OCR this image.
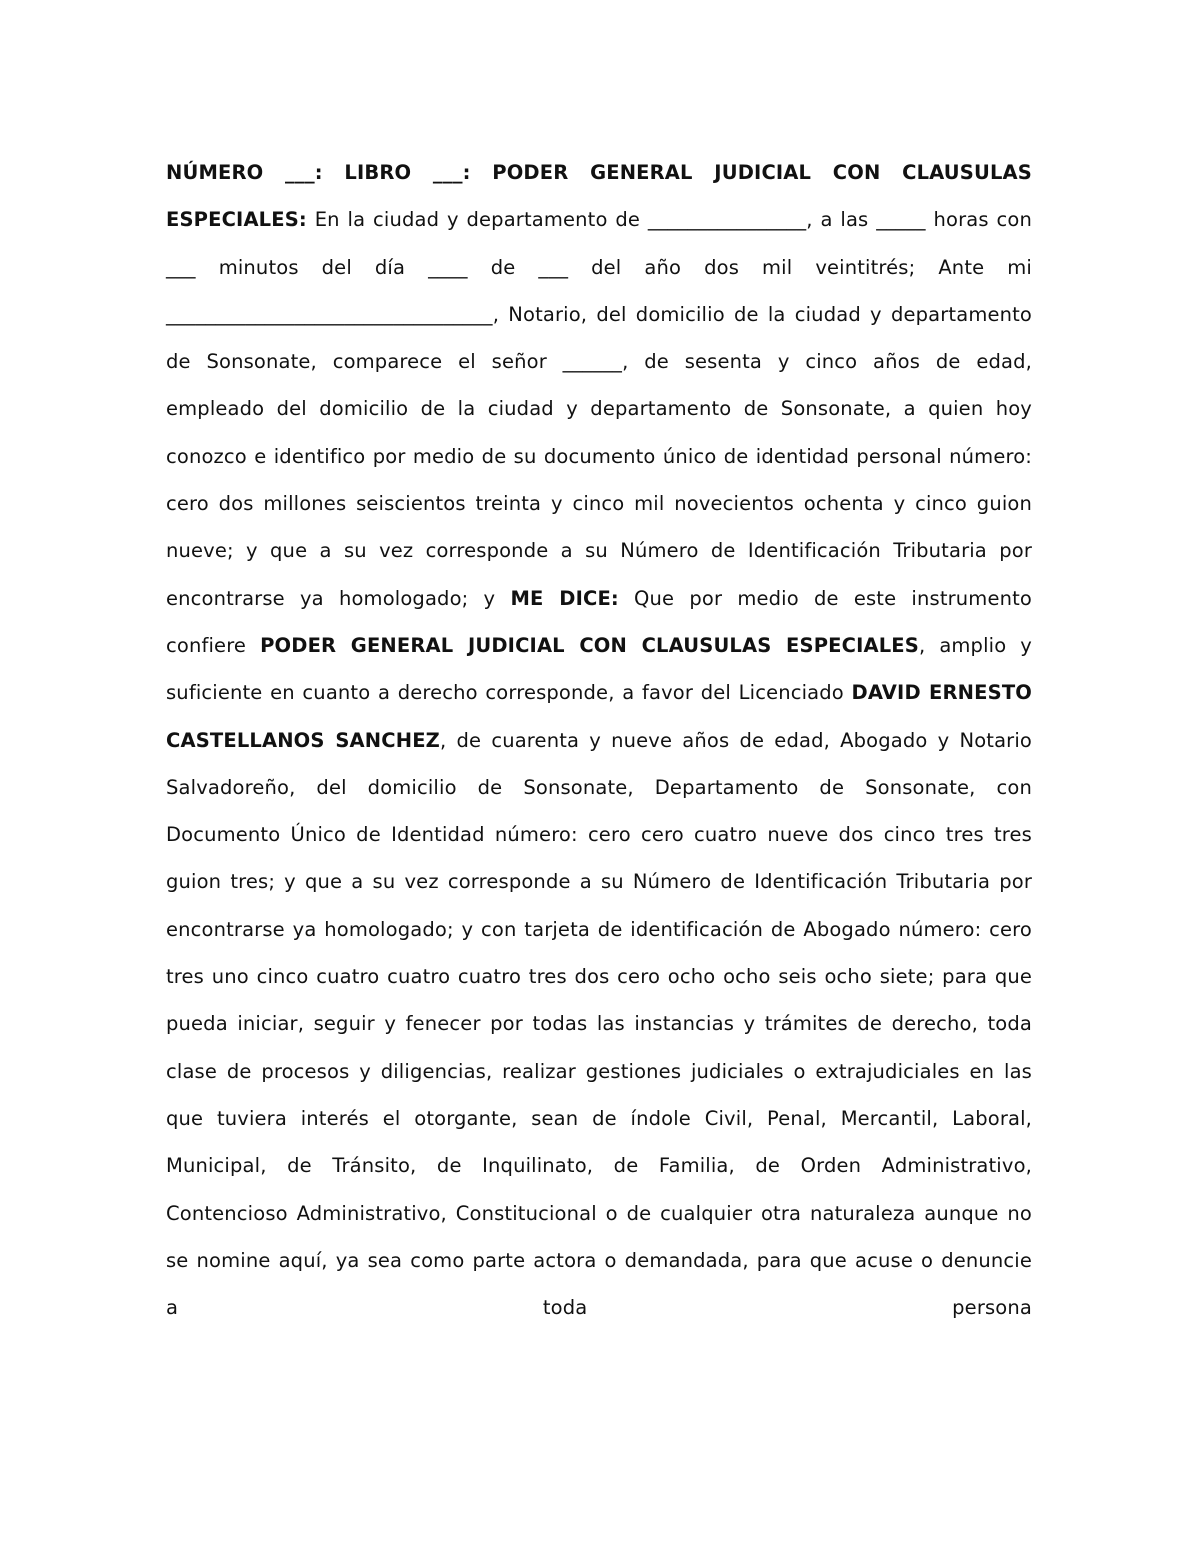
NÚMERO ___: LIBRO ___: PODER GENERAL JUDICIAL CON CLAUSULAS ESPECIALES: En la ciudad y departamento de ________________, a las _____ horas con ___ minutos del día ____ de ___ del año dos mil veintitrés; Ante mi _________________________________, Notario, del domicilio de la ciudad y departamento de Sonsonate, comparece el señor ______, de sesenta y cinco años de edad, empleado del domicilio de la ciudad y departamento de Sonsonate, a quien hoy conozco e identifico por medio de su documento único de identidad personal número: cero dos millones seiscientos treinta y cinco mil novecientos ochenta y cinco guion nueve; y que a su vez corresponde a su Número de Identificación Tributaria por encontrarse ya homologado; y ME DICE: Que por medio de este instrumento confiere PODER GENERAL JUDICIAL CON CLAUSULAS ESPECIALES, amplio y suficiente en cuanto a derecho corresponde, a favor del Licenciado DAVID ERNESTO CASTELLANOS SANCHEZ, de cuarenta y nueve años de edad, Abogado y Notario Salvadoreño, del domicilio de Sonsonate, Departamento de Sonsonate, con Documento Único de Identidad número: cero cero cuatro nueve dos cinco tres tres guion tres; y que a su vez corresponde a su Número de Identificación Tributaria por encontrarse ya homologado; y con tarjeta de identificación de Abogado número: cero tres uno cinco cuatro cuatro cuatro tres dos cero ocho ocho seis ocho siete; para que pueda iniciar, seguir y fenecer por todas las instancias y trámites de derecho, toda clase de procesos y diligencias, realizar gestiones judiciales o extrajudiciales en las que tuviera interés el otorgante, sean de índole Civil, Penal, Mercantil, Laboral, Municipal, de Tránsito, de Inquilinato, de Familia, de Orden Administrativo, Contencioso Administrativo, Constitucional o de cualquier otra naturaleza aunque no se nomine aquí, ya sea como parte actora o demandada, para que acuse o denuncie a toda persona
